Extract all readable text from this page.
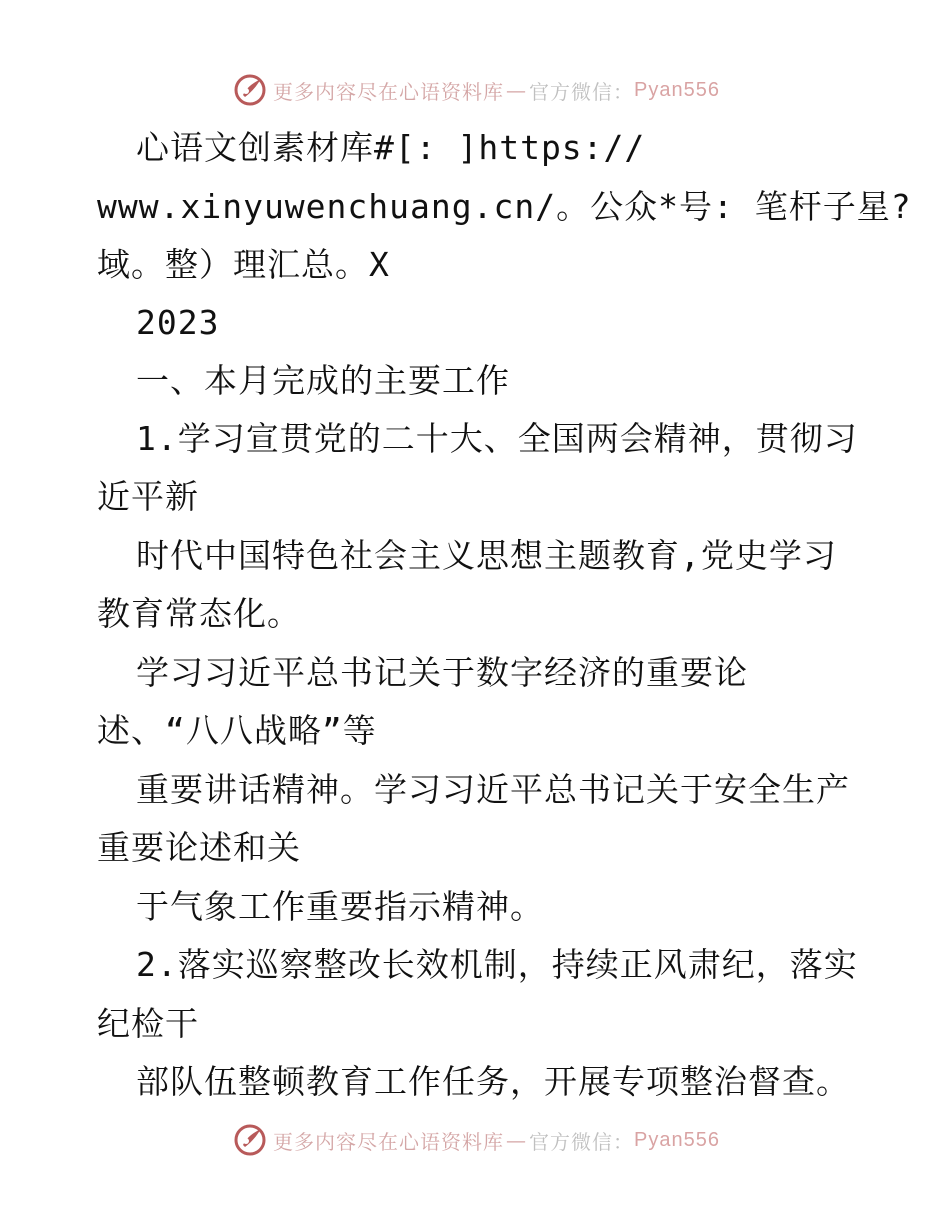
更多内容尽在心语资料库 — 官方微信： Pyan556
心语文创素材库#[: ]https://
www.xinyuwenchuang.cn/。公众*号: 笔杆子星?
域。整）理汇总。X
2023
一、本月完成的主要工作
1.学习宣贯党的二十大、全国两会精神，贯彻习
近平新
时代中国特色社会主义思想主题教育,党史学习
教育常态化。
学习习近平总书记关于数字经济的重要论
述、“八八战略”等
重要讲话精神。学习习近平总书记关于安全生产
重要论述和关
于气象工作重要指示精神。
2.落实巡察整改长效机制，持续正风肃纪，落实
纪检干
部队伍整顿教育工作任务，开展专项整治督查。
更多内容尽在心语资料库 — 官方微信： Pyan556
